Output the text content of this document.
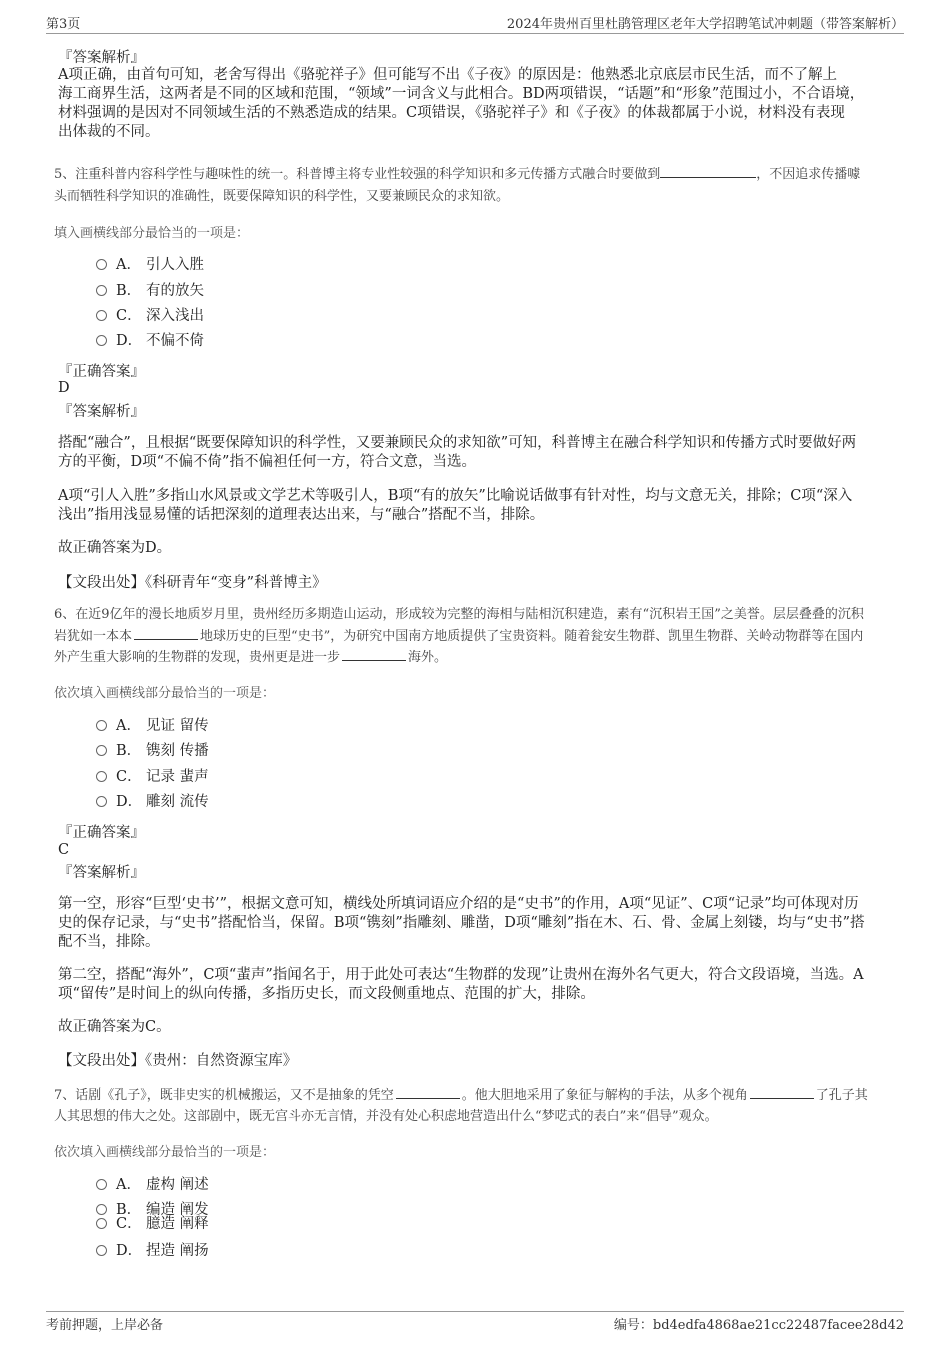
第3页	2024年贵州百里杜鹃管理区老年大学招聘笔试冲刺题（带答案解析）
『答案解析』
A项正确，由首句可知，老舍写得出《骆驼祥子》但可能写不出《子夜》的原因是：他熟悉北京底层市民生活，而不了解上
海工商界生活，这两者是不同的区域和范围，“领域”一词含义与此相合。BD两项错误，“话题”和“形象”范围过小，不合语境，
材料强调的是因对不同领域生活的不熟悉造成的结果。C项错误，《骆驼祥子》和《子夜》的体裁都属于小说，材料没有表现
出体裁的不同。
5、注重科普内容科学性与趣味性的统一。科普博主将专业性较强的科学知识和多元传播方式融合时要做到	，不因追求传播噱
头而牺牲科学知识的准确性，既要保障知识的科学性，又要兼顾民众的求知欲。
填入画横线部分最恰当的一项是：
A． 引人入胜
B． 有的放矢
C． 深入浅出
D． 不偏不倚
『正确答案』
D
『答案解析』
搭配“融合”，且根据“既要保障知识的科学性，又要兼顾民众的求知欲”可知，科普博主在融合科学知识和传播方式时要做好两
方的平衡，D项“不偏不倚”指不偏袒任何一方，符合文意，当选。
A项“引人入胜”多指山水风景或文学艺术等吸引人，B项“有的放矢”比喻说话做事有针对性，均与文意无关，排除；C项“深入
浅出”指用浅显易懂的话把深刻的道理表达出来，与“融合”搭配不当，排除。
故正确答案为D。
【文段出处】《科研青年“变身”科普博主》
6、在近9亿年的漫长地质岁月里，贵州经历多期造山运动，形成较为完整的海相与陆相沉积建造，素有“沉积岩王国”之美誉。层层叠叠的沉积
岩犹如一本本	地球历史的巨型“史书”，为研究中国南方地质提供了宝贵资料。随着瓮安生物群、凯里生物群、关岭动物群等在国内
外产生重大影响的生物群的发现，贵州更是进一步	海外。
依次填入画横线部分最恰当的一项是：
A． 见证 留传
B． 镌刻 传播
C． 记录 蜚声
D． 雕刻 流传
『正确答案』
C
『答案解析』
第一空，形容“巨型‘史书’”，根据文意可知，横线处所填词语应介绍的是“史书”的作用，A项“见证”、C项“记录”均可体现对历
史的保存记录，与“史书”搭配恰当，保留。B项“镌刻”指雕刻、雕凿，D项“雕刻”指在木、石、骨、金属上刻镂，均与“史书”搭
配不当，排除。
第二空，搭配“海外”，C项“蜚声”指闻名于，用于此处可表达“生物群的发现”让贵州在海外名气更大，符合文段语境，当选。A
项“留传”是时间上的纵向传播，多指历史长，而文段侧重地点、范围的扩大，排除。
故正确答案为C。
【文段出处】《贵州：自然资源宝库》
7、话剧《孔子》，既非史实的机械搬运，又不是抽象的凭空	。他大胆地采用了象征与解构的手法，从多个视角	了孔子其
人其思想的伟大之处。这部剧中，既无宫斗亦无言情，并没有处心积虑地营造出什么“梦呓式的表白”来“倡导”观众。
依次填入画横线部分最恰当的一项是：
A． 虚构 阐述
B． 编造 阐发
C． 臆造 阐释
D． 捏造 阐扬
考前押题，上岸必备	编号：bd4edfa4868ae21cc22487facee28d42
